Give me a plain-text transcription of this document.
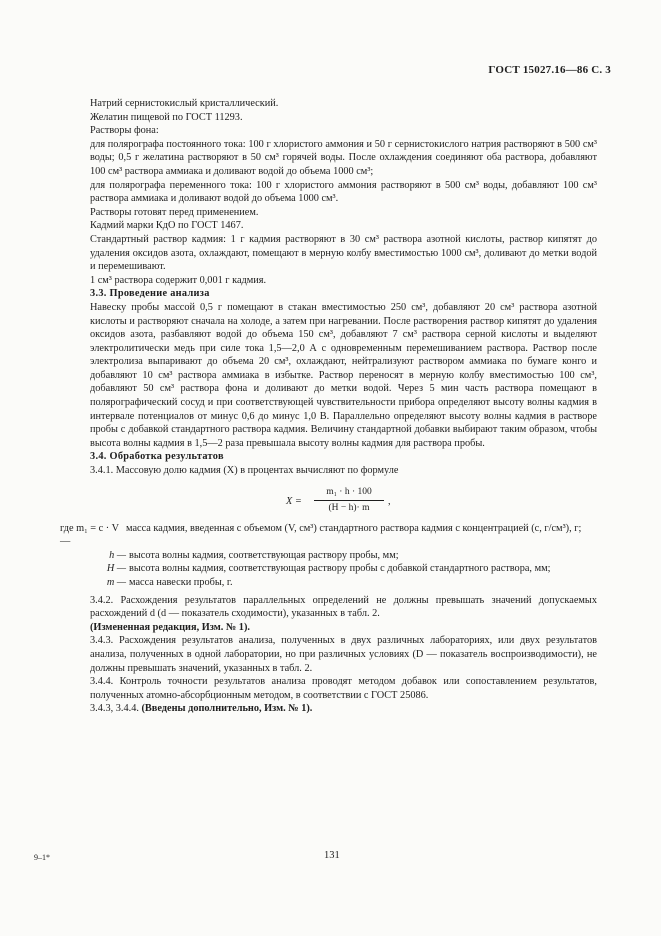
ГОСТ 15027.16—86 С. 3

Натрий сернистокислый кристаллический.

Желатин пищевой по ГОСТ 11293.

Растворы фона:

для полярографа постоянного тока: 100 г хлористого аммония и 50 г сернистокислого натрия растворяют в 500 см³ воды; 0,5 г желатина растворяют в 50 см³ горячей воды. После охлаждения соединяют оба раствора, добавляют 100 см³ раствора аммиака и доливают водой до объема 1000 см³;

для полярографа переменного тока: 100 г хлористого аммония растворяют в 500 см³ воды, добавляют 100 см³ раствора аммиака и доливают водой до объема 1000 см³.

Растворы готовят перед применением.

Кадмий марки КдО по ГОСТ 1467.

Стандартный раствор кадмия: 1 г кадмия растворяют в 30 см³ раствора азотной кислоты, раствор кипятят до удаления оксидов азота, охлаждают, помещают в мерную колбу вместимостью 1000 см³, доливают до метки водой и перемешивают.

1 см³ раствора содержит 0,001 г кадмия.

3.3. Проведение анализа

Навеску пробы массой 0,5 г помещают в стакан вместимостью 250 см³, добавляют 20 см³ раствора азотной кислоты и растворяют сначала на холоде, а затем при нагревании. После растворения раствор кипятят до удаления оксидов азота, разбавляют водой до объема 150 см³, добавляют 7 см³ раствора серной кислоты и выделяют электролитически медь при силе тока 1,5—2,0 А с одновременным перемешиванием раствора. Раствор после электролиза выпаривают до объема 20 см³, охлаждают, нейтрализуют раствором аммиака по бумаге конго и добавляют 10 см³ раствора аммиака в избытке. Раствор переносят в мерную колбу вместимостью 100 см³, добавляют 50 см³ раствора фона и доливают до метки водой. Через 5 мин часть раствора помещают в полярографический сосуд и при соответствующей чувствительности прибора определяют высоту волны кадмия в интервале потенциалов от минус 0,6 до минус 1,0 В. Параллельно определяют высоту волны кадмия в растворе пробы с добавкой стандартного раствора кадмия. Величину стандартной добавки выбирают таким образом, чтобы высота волны кадмия в 1,5—2 раза превышала высоту волны кадмия для раствора пробы.

3.4. Обработка результатов

3.4.1. Массовую долю кадмия (X) в процентах вычисляют по формуле

$X = \frac{\text{m₁ · h · 100}}{(H - h)\cdot m}$ ,
где m₁ = c · V —
масса кадмия, введенная с объемом (V, см³) стандартного раствора кадмия с концентрацией (c, г/см³), г;
h — высота волны кадмия, соответствующая раствору пробы, мм;
H — высота волны кадмия, соответствующая раствору пробы с добавкой стандартного раствора, мм;
m — масса навески пробы, г.

3.4.2. Расхождения результатов параллельных определений не должны превышать значений допускаемых расхождений d (d — показатель сходимости), указанных в табл. 2.

(Измененная редакция, Изм. № 1).

3.4.3. Расхождения результатов анализа, полученных в двух различных лабораториях, или двух результатов анализа, полученных в одной лаборатории, но при различных условиях (D — показатель воспроизводимости), не должны превышать значений, указанных в табл. 2.

3.4.4. Контроль точности результатов анализа проводят методом добавок или сопоставлением результатов, полученных атомно-абсорбционным методом, в соответствии с ГОСТ 25086.

3.4.3, 3.4.4. (Введены дополнительно, Изм. № 1).

9–1*	131
